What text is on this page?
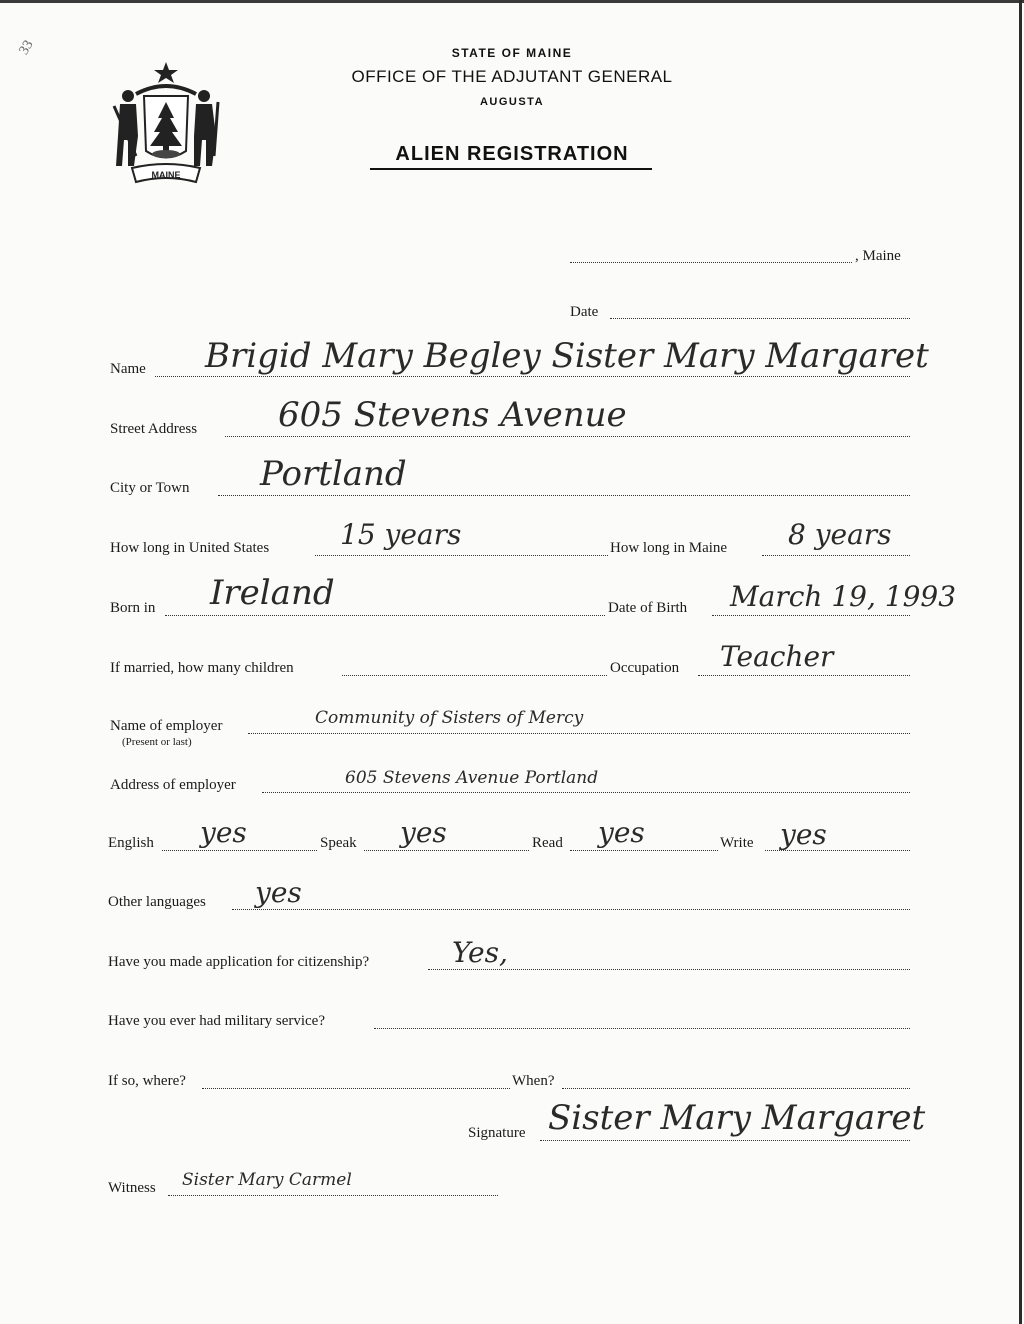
33
MAINE
STATE OF MAINE
OFFICE OF THE ADJUTANT GENERAL
AUGUSTA
ALIEN REGISTRATION
, Maine
Date
Name Brigid Mary Begley Sister Mary Margaret
Street Address 605 Stevens Avenue
City or Town Portland
How long in United States	15 years	How long in Maine 8 years
Born in Ireland	Date of Birth March 19, 1993
If married, how many children	Occupation Teacher
Name of employer
(Present or last)
Community of Sisters of Mercy
Address of employer	605 Stevens Avenue Portland
English yes	Speak yes	Read yes	Write yes
Other languages yes
Have you made application for citizenship?	Yes,
Have you ever had military service?
If so, where?	When?
Signature Sister Mary Margaret
Witness Sister Mary Carmel
